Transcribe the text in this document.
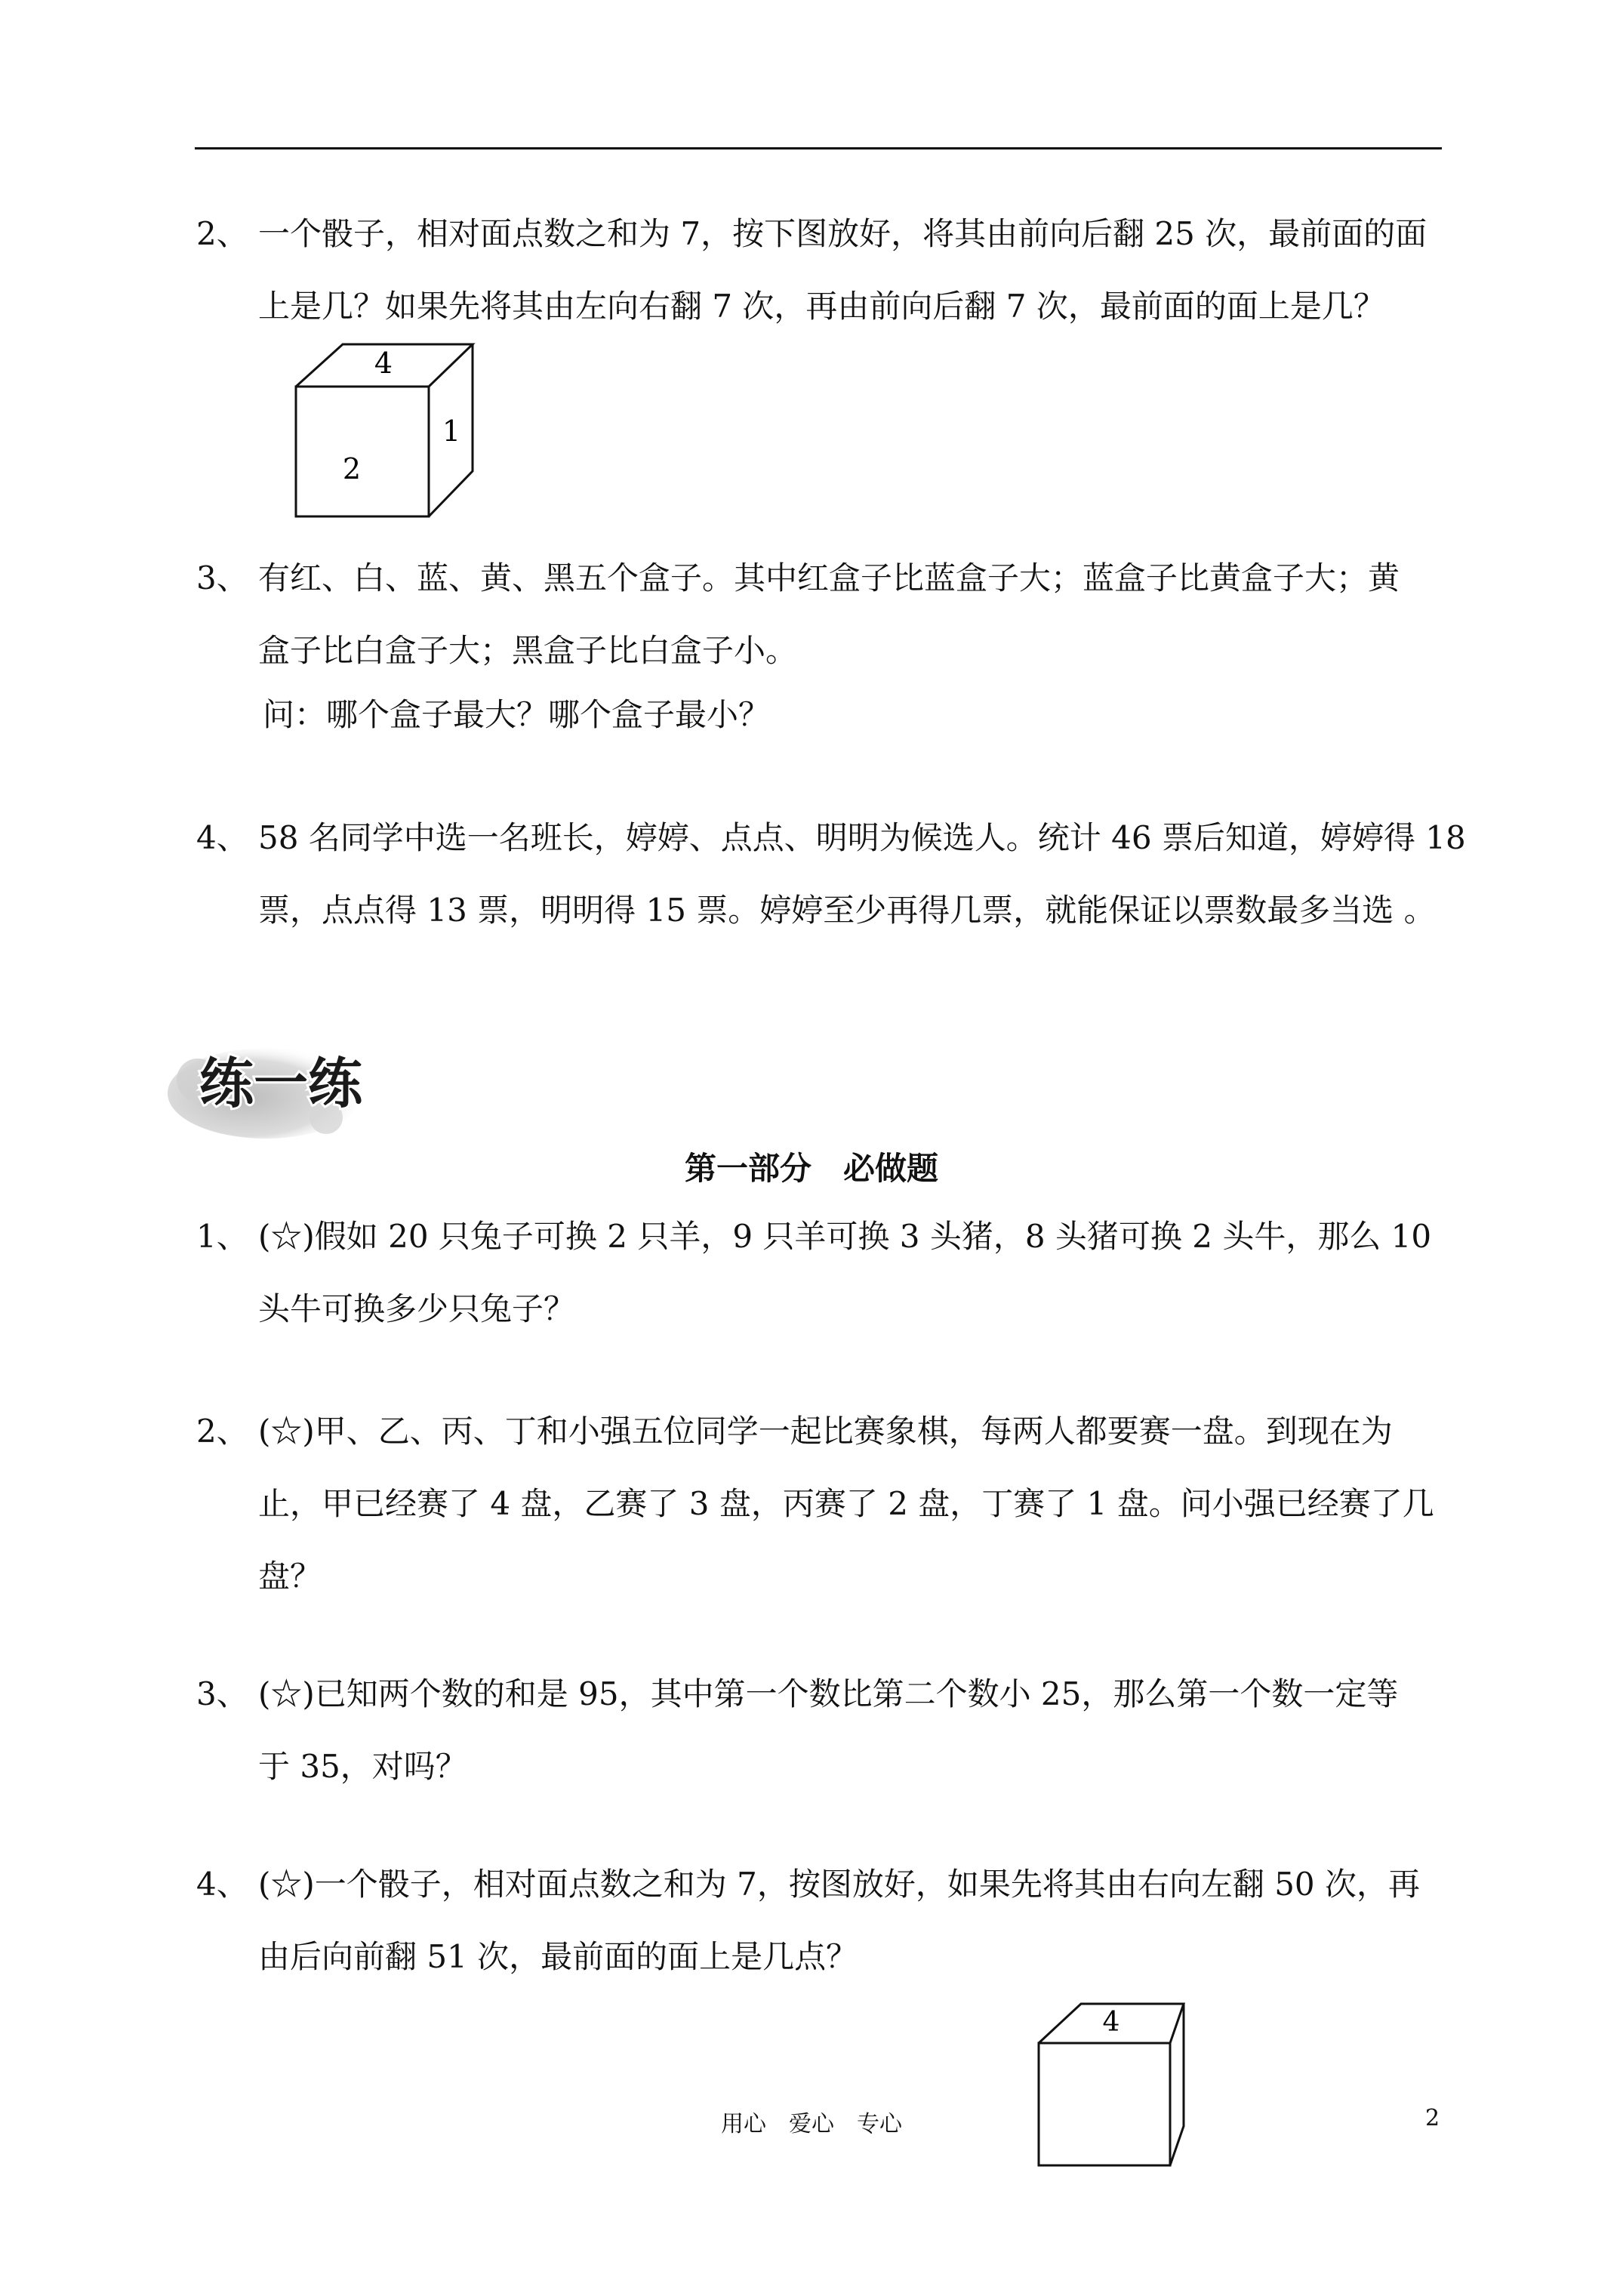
2、 一个骰子，相对面点数之和为 7，按下图放好，将其由前向后翻 25 次，最前面的面
上是几？如果先将其由左向右翻 7 次，再由前向后翻 7 次，最前面的面上是几？
4
1
2
3、 有红、白、蓝、黄、黑五个盒子。其中红盒子比蓝盒子大；蓝盒子比黄盒子大；黄
盒子比白盒子大；黑盒子比白盒子小。
问：哪个盒子最大？哪个盒子最小？
4、 58 名同学中选一名班长，婷婷、点点、明明为候选人。统计 46 票后知道，婷婷得 18
票，点点得 13 票，明明得 15 票。婷婷至少再得几票，就能保证以票数最多当选 。
练一练
第一部分　必做题
1、 (☆)假如 20 只兔子可换 2 只羊，9 只羊可换 3 头猪，8 头猪可换 2 头牛，那么 10
头牛可换多少只兔子？
2、 (☆)甲、乙、丙、丁和小强五位同学一起比赛象棋，每两人都要赛一盘。到现在为
止，甲已经赛了 4 盘，乙赛了 3 盘，丙赛了 2 盘，丁赛了 1 盘。问小强已经赛了几
盘？
3、 (☆)已知两个数的和是 95，其中第一个数比第二个数小 25，那么第一个数一定等
于 35，对吗？
4、 (☆)一个骰子，相对面点数之和为 7，按图放好，如果先将其由右向左翻 50 次，再
由后向前翻 51 次，最前面的面上是几点？
4
用心　爱心　专心	2
